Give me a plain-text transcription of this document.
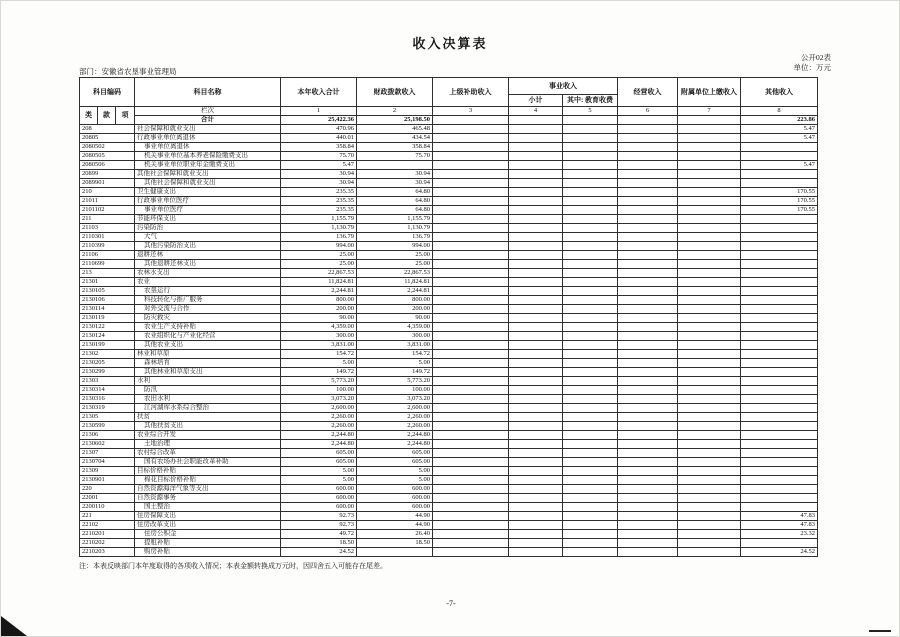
收入决算表
公开02表
单位：万元
部门：安徽省农垦事业管理局
科目编码			科目名称	本年收入合计	财政拨款收入	上级补助收入	事业收入		经营收入	附属单位上缴收入	其他收入
							小计	其中: 教育收费			
类	款	项	栏次	1	2	3	4	5	6	7	8
			合计	25,422.36	25,198.50						223.86
208			社会保障和就业支出	470.96	465.48						5.47
20805			行政事业单位离退休	440.01	434.54						5.47
2080502			事业单位离退休	358.84	358.84						
2080505			机关事业单位基本养老保险缴费支出	75.70	75.70						
2080506			机关事业单位职业年金缴费支出	5.47							5.47
20899			其他社会保障和就业支出	30.94	30.94						
2089901			其他社会保障和就业支出	30.94	30.94						
210			卫生健康支出	235.35	64.80						170.55
21011			行政事业单位医疗	235.35	64.80						170.55
2101102			事业单位医疗	235.35	64.80						170.55
211			节能环保支出	1,155.79	1,155.79						
21103			污染防治	1,130.79	1,130.79						
2110301			大气	136.79	136.79						
2110399			其他污染防治支出	994.00	994.00						
21106			退耕还林	25.00	25.00						
2110699			其他退耕还林支出	25.00	25.00						
213			农林水支出	22,867.53	22,867.53						
21301			农业	11,824.81	11,824.81						
2130105			农垦运行	2,244.81	2,244.81						
2130106			科技转化与推广服务	800.00	800.00						
2130114			对外交流与合作	200.00	200.00						
2130119			防灾救灾	90.00	90.00						
2130122			农业生产支持补贴	4,359.00	4,359.00						
2130124			农业组织化与产业化经营	300.00	300.00						
2130199			其他农业支出	3,831.00	3,831.00						
21302			林业和草原	154.72	154.72						
2130205			森林培育	5.00	5.00						
2130299			其他林业和草原支出	149.72	149.72						
21303			水利	5,773.20	5,773.20						
2130314			防汛	100.00	100.00						
2130316			农田水利	3,073.20	3,073.20						
2130319			江河湖库水系综合整治	2,600.00	2,600.00						
21305			扶贫	2,260.00	2,260.00						
2130599			其他扶贫支出	2,260.00	2,260.00						
21306			农业综合开发	2,244.80	2,244.80						
2130602			土地治理	2,244.80	2,244.80						
21307			农村综合改革	605.00	605.00						
2130704			国有农场办社会职能改革补助	605.00	605.00						
21309			目标价格补贴	5.00	5.00						
2130901			棉花目标价格补贴	5.00	5.00						
220			自然资源海洋气象等支出	600.00	600.00						
22001			自然资源事务	600.00	600.00						
2200110			国土整治	600.00	600.00						
221			住房保障支出	92.73	44.90						47.83
22102			住房改革支出	92.73	44.90						47.83
2210201			住房公积金	49.72	26.40						23.32
2210202			提租补贴	18.50	18.50						
2210203			购房补贴	24.52							24.52
注：本表反映部门本年度取得的各项收入情况；本表金额转换成万元时，因四舍五入可能存在尾差。
-7-
